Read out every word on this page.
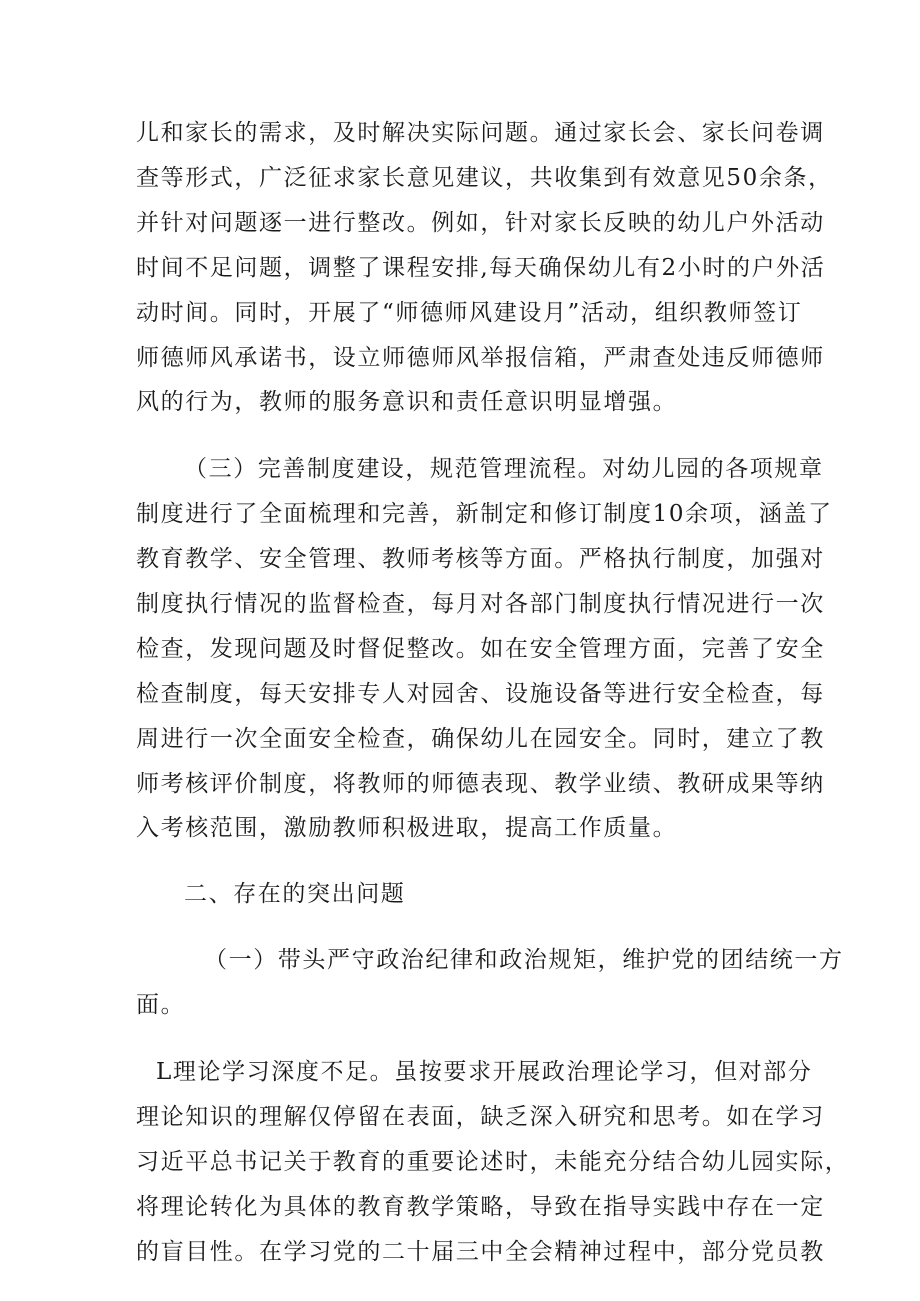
儿和家长的需求，及时解决实际问题。通过家长会、家长问卷调
查等形式，广泛征求家长意见建议，共收集到有效意见50余条，
并针对问题逐一进行整改。例如，针对家长反映的幼儿户外活动
时间不足问题，调整了课程安排,每天确保幼儿有2小时的户外活
动时间。同时，开展了“师德师风建设月”活动，组织教师签订
师德师风承诺书，设立师德师风举报信箱，严肃查处违反师德师
风的行为，教师的服务意识和责任意识明显增强。
（三）完善制度建设，规范管理流程。对幼儿园的各项规章
制度进行了全面梳理和完善，新制定和修订制度10余项，涵盖了
教育教学、安全管理、教师考核等方面。严格执行制度，加强对
制度执行情况的监督检查，每月对各部门制度执行情况进行一次
检查，发现问题及时督促整改。如在安全管理方面，完善了安全
检查制度，每天安排专人对园舍、设施设备等进行安全检查，每
周进行一次全面安全检查，确保幼儿在园安全。同时，建立了教
师考核评价制度，将教师的师德表现、教学业绩、教研成果等纳
入考核范围，激励教师积极进取，提高工作质量。
二、存在的突出问题
（一）带头严守政治纪律和政治规矩，维护党的团结统一方
面。
L理论学习深度不足。虽按要求开展政治理论学习，但对部分
理论知识的理解仅停留在表面，缺乏深入研究和思考。如在学习
习近平总书记关于教育的重要论述时，未能充分结合幼儿园实际，
将理论转化为具体的教育教学策略，导致在指导实践中存在一定
的盲目性。在学习党的二十届三中全会精神过程中，部分党员教
